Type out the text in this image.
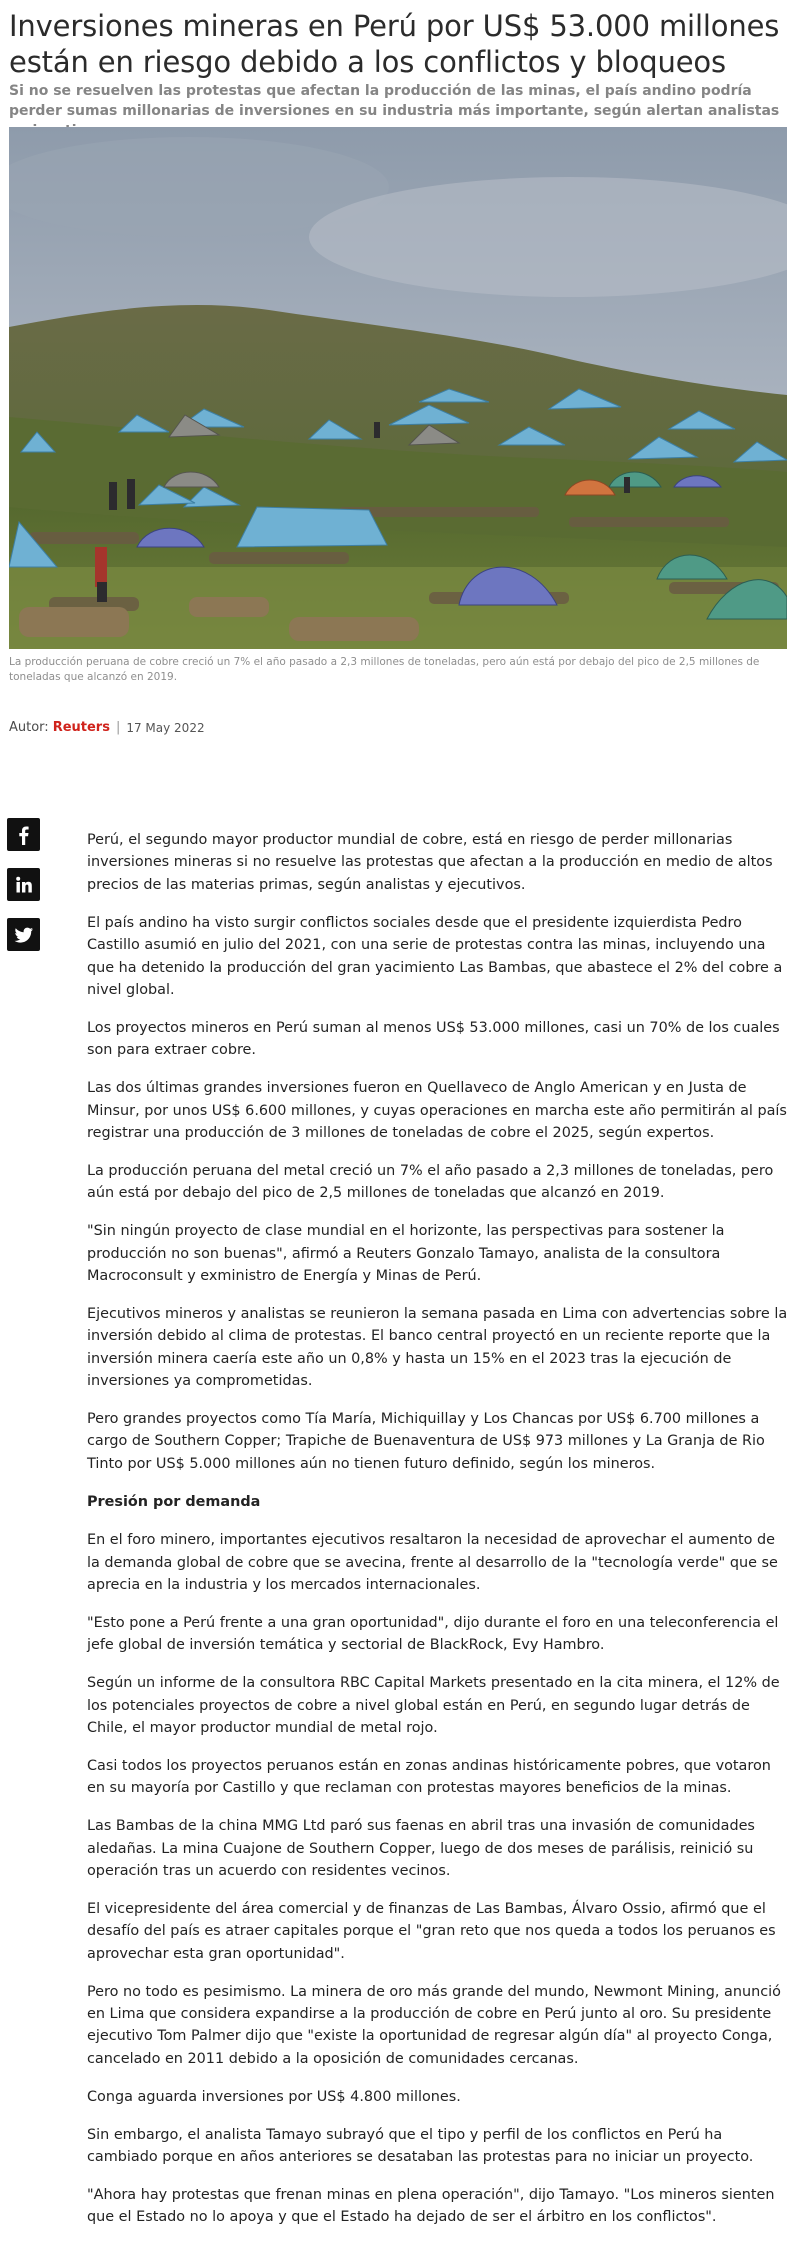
Inversiones mineras en Perú por US$ 53.000 millones están en riesgo debido a los conflictos y bloqueos

Si no se resuelven las protestas que afectan la producción de las minas, el país andino podría perder sumas millonarias de inversiones en su industria más importante, según alertan analistas

La producción peruana de cobre creció un 7% el año pasado a 2,3 millones de toneladas, pero aún está por debajo del pico de 2,5 millones de toneladas que alcanzó en 2019.

Autor: Reuters | 17 May 2022

Perú, el segundo mayor productor mundial de cobre, está en riesgo de perder millonarias inversiones mineras si no resuelve las protestas que afectan a la producción en medio de altos precios de las materias primas, según analistas y ejecutivos.

El país andino ha visto surgir conflictos sociales desde que el presidente izquierdista Pedro Castillo asumió en julio del 2021, con una serie de protestas contra las minas, incluyendo una que ha detenido la producción del gran yacimiento Las Bambas, que abastece el 2% del cobre a nivel global.

Los proyectos mineros en Perú suman al menos US$ 53.000 millones, casi un 70% de los cuales son para extraer cobre.

Las dos últimas grandes inversiones fueron en Quellaveco de Anglo American y en Justa de Minsur, por unos US$ 6.600 millones, y cuyas operaciones en marcha este año permitirán al país registrar una producción de 3 millones de toneladas de cobre el 2025, según expertos.

La producción peruana del metal creció un 7% el año pasado a 2,3 millones de toneladas, pero aún está por debajo del pico de 2,5 millones de toneladas que alcanzó en 2019.

"Sin ningún proyecto de clase mundial en el horizonte, las perspectivas para sostener la producción no son buenas", afirmó a Reuters Gonzalo Tamayo, analista de la consultora Macroconsult y exministro de Energía y Minas de Perú.

Ejecutivos mineros y analistas se reunieron la semana pasada en Lima con advertencias sobre la inversión debido al clima de protestas. El banco central proyectó en un reciente reporte que la inversión minera caería este año un 0,8% y hasta un 15% en el 2023 tras la ejecución de inversiones ya comprometidas.

Pero grandes proyectos como Tía María, Michiquillay y Los Chancas por US$ 6.700 millones a cargo de Southern Copper; Trapiche de Buenaventura de US$ 973 millones y La Granja de Rio Tinto por US$ 5.000 millones aún no tienen futuro definido, según los mineros.

Presión por demanda

En el foro minero, importantes ejecutivos resaltaron la necesidad de aprovechar el aumento de la demanda global de cobre que se avecina, frente al desarrollo de la "tecnología verde" que se aprecia en la industria y los mercados internacionales.

"Esto pone a Perú frente a una gran oportunidad", dijo durante el foro en una teleconferencia el jefe global de inversión temática y sectorial de BlackRock, Evy Hambro.

Según un informe de la consultora RBC Capital Markets presentado en la cita minera, el 12% de los potenciales proyectos de cobre a nivel global están en Perú, en segundo lugar detrás de Chile, el mayor productor mundial de metal rojo.

Casi todos los proyectos peruanos están en zonas andinas históricamente pobres, que votaron en su mayoría por Castillo y que reclaman con protestas mayores beneficios de la minas.

Las Bambas de la china MMG Ltd paró sus faenas en abril tras una invasión de comunidades aledañas. La mina Cuajone de Southern Copper, luego de dos meses de parálisis, reinició su operación tras un acuerdo con residentes vecinos.

El vicepresidente del área comercial y de finanzas de Las Bambas, Álvaro Ossio, afirmó que el desafío del país es atraer capitales porque el "gran reto que nos queda a todos los peruanos es aprovechar esta gran oportunidad".

Pero no todo es pesimismo. La minera de oro más grande del mundo, Newmont Mining, anunció en Lima que considera expandirse a la producción de cobre en Perú junto al oro. Su presidente ejecutivo Tom Palmer dijo que "existe la oportunidad de regresar algún día" al proyecto Conga, cancelado en 2011 debido a la oposición de comunidades cercanas.

Conga aguarda inversiones por US$ 4.800 millones.

Sin embargo, el analista Tamayo subrayó que el tipo y perfil de los conflictos en Perú ha cambiado porque en años anteriores se desataban las protestas para no iniciar un proyecto.

"Ahora hay protestas que frenan minas en plena operación", dijo Tamayo. "Los mineros sienten que el Estado no lo apoya y que el Estado ha dejado de ser el árbitro en los conflictos".
